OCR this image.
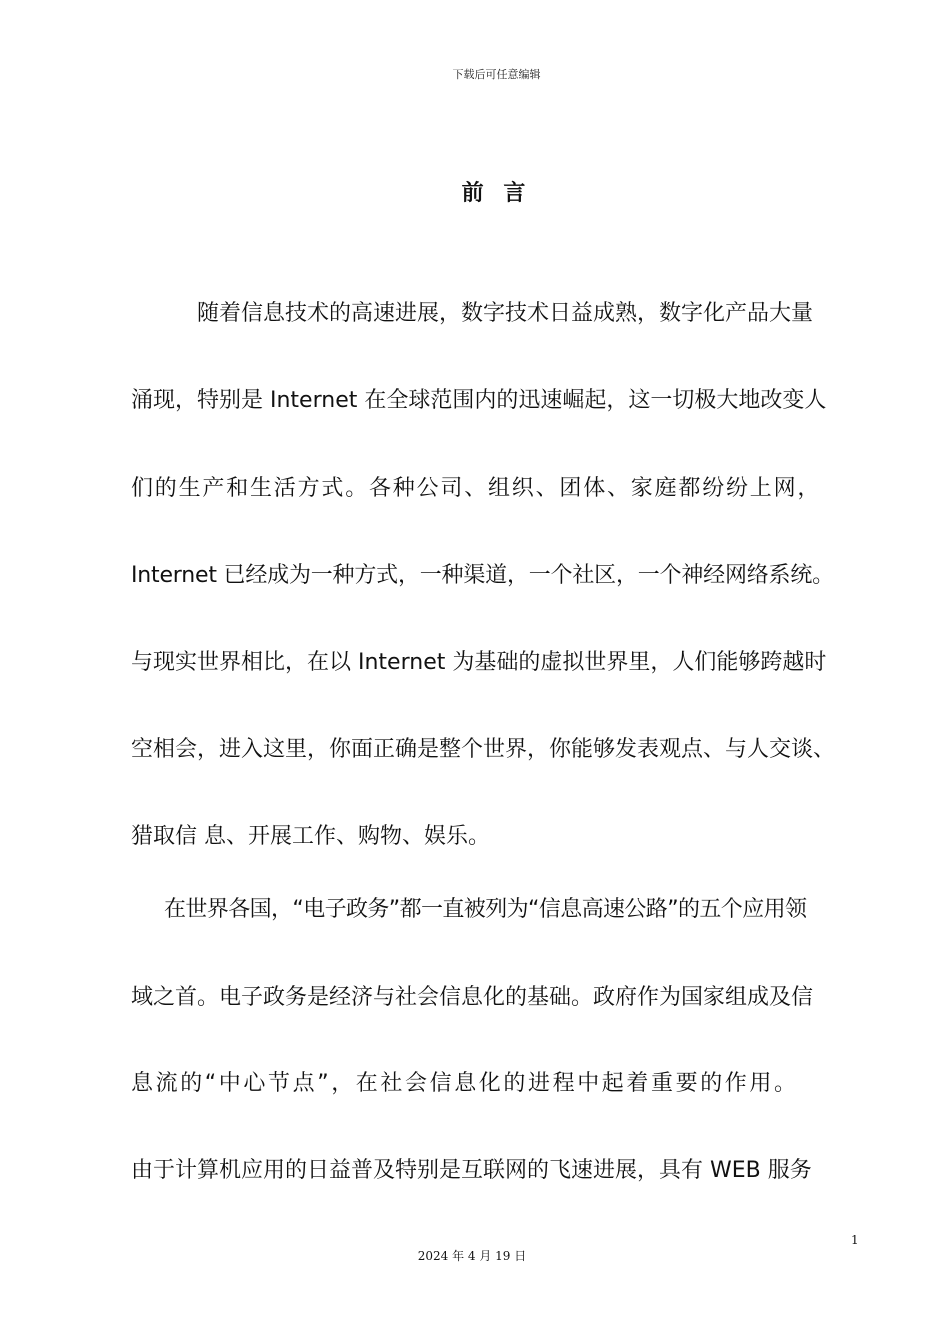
下载后可任意编辑
前 言
随着信息技术的高速进展，数字技术日益成熟，数字化产品大量
涌现，特别是 Internet 在全球范围内的迅速崛起，这一切极大地改变人
们的生产和生活方式。各种公司、组织、团体、家庭都纷纷上网，
Internet 已经成为一种方式，一种渠道，一个社区，一个神经网络系统。
与现实世界相比，在以 Internet 为基础的虚拟世界里，人们能够跨越时
空相会，进入这里，你面正确是整个世界，你能够发表观点、与人交谈、
猎取信 息、开展工作、购物、娱乐。
在世界各国，“电子政务”都一直被列为“信息高速公路”的五个应用领
域之首。电子政务是经济与社会信息化的基础。政府作为国家组成及信
息流的“中心节点”，在社会信息化的进程中起着重要的作用。
由于计算机应用的日益普及特别是互联网的飞速进展，具有 WEB 服务
1
2024 年 4 月 19 日
